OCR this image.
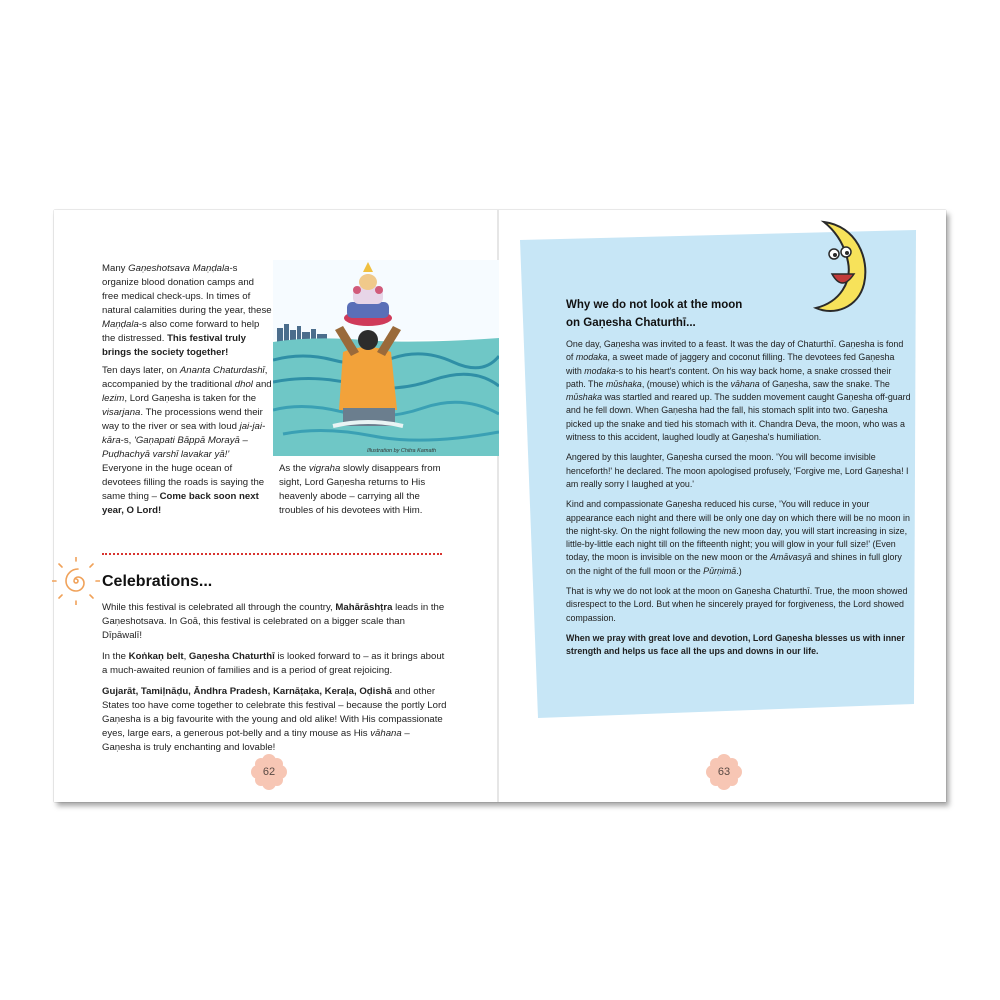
Many Gaṇeshotsava Maṇḍala-s organize blood donation camps and free medical check-ups. In times of natural calamities during the year, these Maṇḍala-s also come forward to help the distressed. This festival truly brings the society together!
Ten days later, on Ananta Chaturdashī, accompanied by the traditional dhol and lezim, Lord Gaṇesha is taken for the visarjana. The processions wend their way to the river or sea with loud jai-jai-kāra-s, 'Gaṇapati Bāppā Morayā – Puḍhachyā varshī lavakar yā!' Everyone in the huge ocean of devotees filling the roads is saying the same thing – Come back soon next year, O Lord!
Illustration by Chitra Kamath
As the vigraha slowly disappears from sight, Lord Gaṇesha returns to His heavenly abode – carrying all the troubles of his devotees with Him.
Celebrations...
While this festival is celebrated all through the country, Mahārāshṭra leads in the Gaṇeshotsava. In Goā, this festival is celebrated on a bigger scale than Dīpāwalī!
In the Koṅkaṇ belt, Gaṇesha Chaturthī is looked forward to – as it brings about a much-awaited reunion of families and is a period of great rejoicing.
Gujarāt, Tamiḷnāḍu, Āndhra Pradesh, Karnāṭaka, Keraḷa, Oḍishā and other States too have come together to celebrate this festival – because the portly Lord Gaṇesha is a big favourite with the young and old alike! With His compassionate eyes, large ears, a generous pot-belly and a tiny mouse as His vāhana – Gaṇesha is truly enchanting and lovable!
62
Why we do not look at the moon
on Gaṇesha Chaturthī...
One day, Gaṇesha was invited to a feast. It was the day of Chaturthī. Gaṇesha is fond of modaka, a sweet made of jaggery and coconut filling. The devotees fed Gaṇesha with modaka-s to his heart's content. On his way back home, a snake crossed their path. The mūshaka, (mouse) which is the vāhana of Gaṇesha, saw the snake. The mūshaka was startled and reared up. The sudden movement caught Gaṇesha off-guard and he fell down. When Gaṇesha had the fall, his stomach split into two. Gaṇesha picked up the snake and tied his stomach with it. Chandra Deva, the moon, who was a witness to this accident, laughed loudly at Gaṇesha's humiliation.
Angered by this laughter, Gaṇesha cursed the moon. 'You will become invisible henceforth!' he declared. The moon apologised profusely, 'Forgive me, Lord Gaṇesha! I am really sorry I laughed at you.'
Kind and compassionate Gaṇesha reduced his curse, 'You will reduce in your appearance each night and there will be only one day on which there will be no moon in the night-sky. On the night following the new moon day, you will start increasing in size, little-by-little each night till on the fifteenth night; you will glow in your full size!' (Even today, the moon is invisible on the new moon or the Amāvasyā and shines in full glory on the night of the full moon or the Pūrṇimā.)
That is why we do not look at the moon on Gaṇesha Chaturthī. True, the moon showed disrespect to the Lord. But when he sincerely prayed for forgiveness, the Lord showed compassion.
When we pray with great love and devotion, Lord Gaṇesha blesses us with inner strength and helps us face all the ups and downs in our life.
63
